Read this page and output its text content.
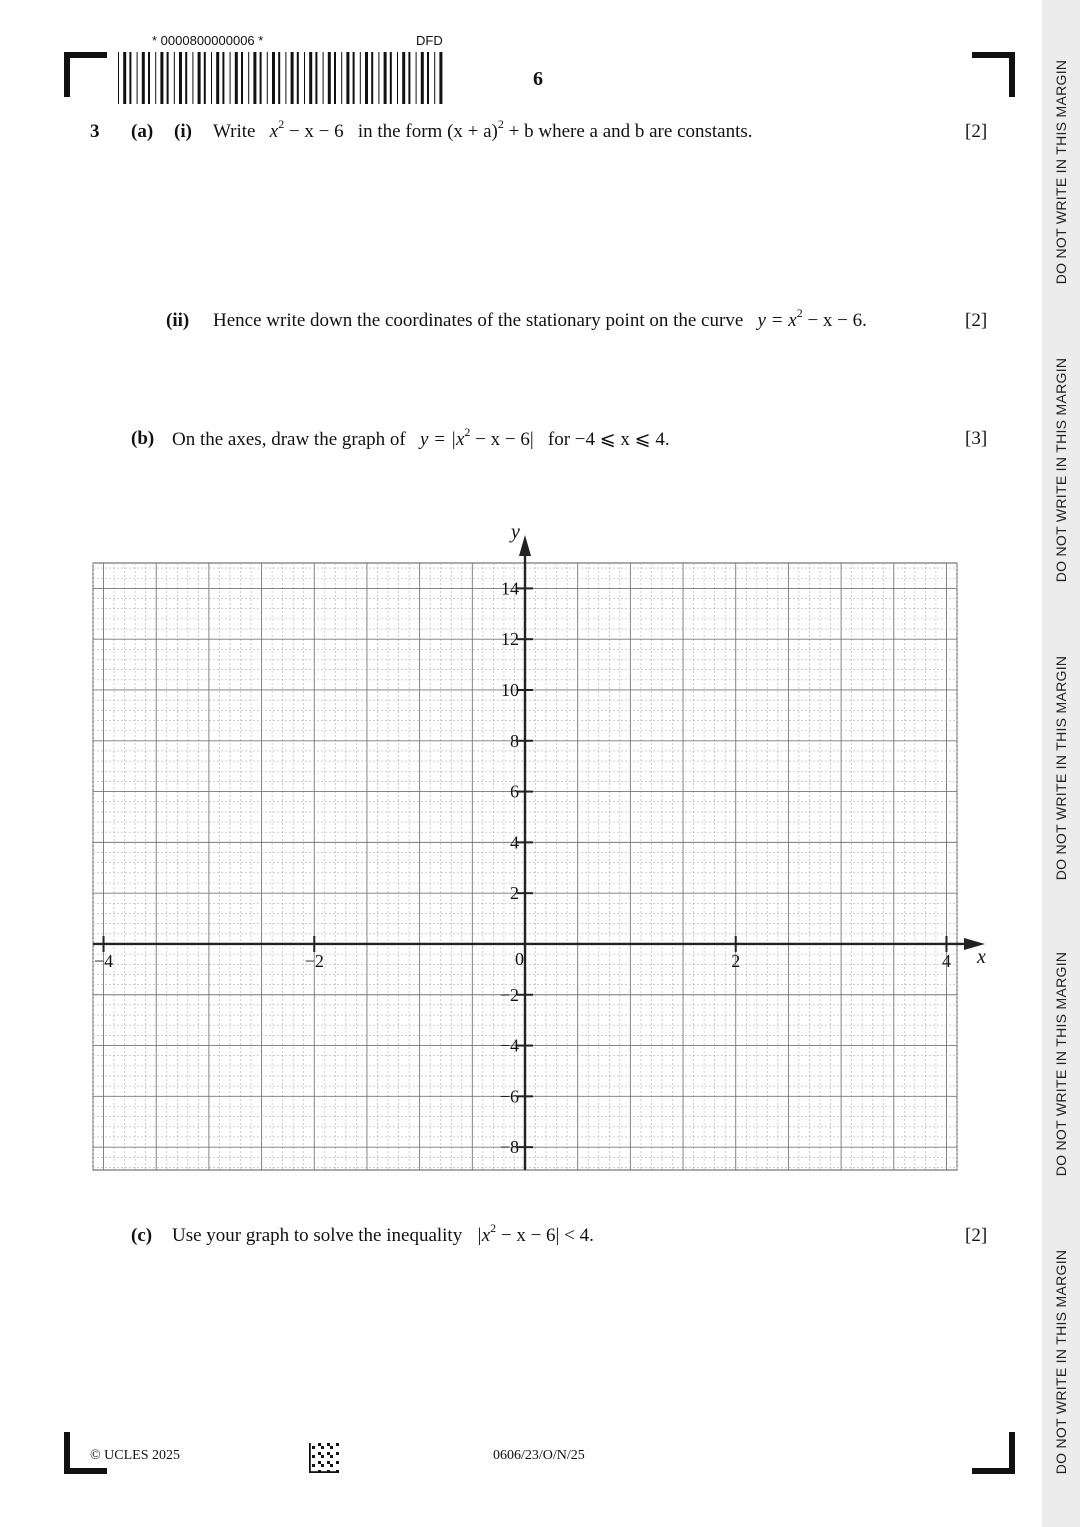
DO NOT WRITE IN THIS MARGIN
DO NOT WRITE IN THIS MARGIN
DO NOT WRITE IN THIS MARGIN
DO NOT WRITE IN THIS MARGIN
DO NOT WRITE IN THIS MARGIN
* 0000800000006 *	DFD
6
3 (a) (i) Write $x^2 - x - 6$ in the form $(x + a)^2 + b$ where a and b are constants.	[2]
(ii) Hence write down the coordinates of the stationary point on the curve $y = x^2 - x - 6$.	[2]
(b) On the axes, draw the graph of $y = |x^2 - x - 6|$ for −4 ⩽ x ⩽ 4.	[3]
−4	−2	2	4
14
12
10
8
6
4
2
−2
−4
−6
−8
0	x
y
(c) Use your graph to solve the inequality $|x^2 - x - 6| < 4$.	[2]
© UCLES 2025	0606/23/O/N/25
